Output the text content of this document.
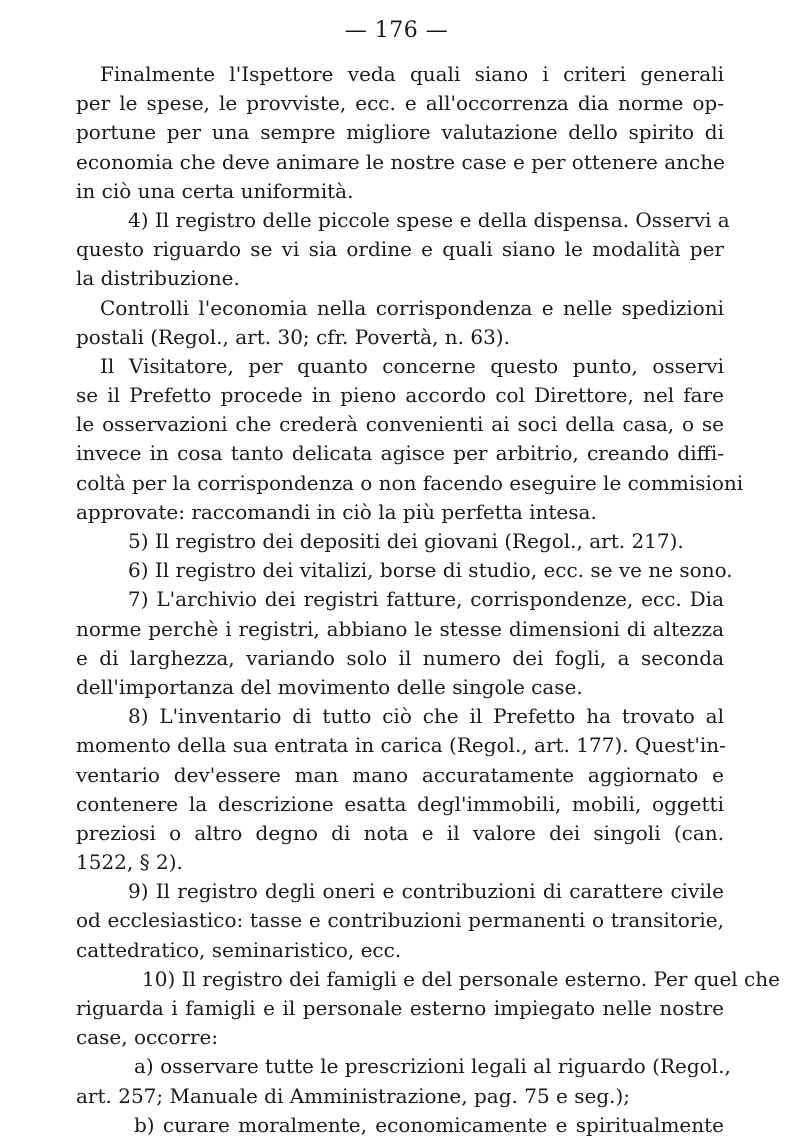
— 176 —
Finalmente l'Ispettore veda quali siano i criteri generali
per le spese, le provviste, ecc. e all'occorrenza dia norme op-
portune per una sempre migliore valutazione dello spirito di
economia che deve animare le nostre case e per ottenere anche
in ciò una certa uniformità.
4) Il registro delle piccole spese e della dispensa. Osservi a
questo riguardo se vi sia ordine e quali siano le modalità per
la distribuzione.
Controlli l'economia nella corrispondenza e nelle spedizioni
postali (Regol., art. 30; cfr. Povertà, n. 63).
Il Visitatore, per quanto concerne questo punto, osservi
se il Prefetto procede in pieno accordo col Direttore, nel fare
le osservazioni che crederà convenienti ai soci della casa, o se
invece in cosa tanto delicata agisce per arbitrio, creando diffi-
coltà per la corrispondenza o non facendo eseguire le commisioni
approvate: raccomandi in ciò la più perfetta intesa.
5) Il registro dei depositi dei giovani (Regol., art. 217).
6) Il registro dei vitalizi, borse di studio, ecc. se ve ne sono.
7) L'archivio dei registri fatture, corrispondenze, ecc. Dia
norme perchè i registri, abbiano le stesse dimensioni di altezza
e di larghezza, variando solo il numero dei fogli, a seconda
dell'importanza del movimento delle singole case.
8) L'inventario di tutto ciò che il Prefetto ha trovato al
momento della sua entrata in carica (Regol., art. 177). Quest'in-
ventario dev'essere man mano accuratamente aggiornato e
contenere la descrizione esatta degl'immobili, mobili, oggetti
preziosi o altro degno di nota e il valore dei singoli (can.
1522, § 2).
9) Il registro degli oneri e contribuzioni di carattere civile
od ecclesiastico: tasse e contribuzioni permanenti o transitorie,
cattedratico, seminaristico, ecc.
10) Il registro dei famigli e del personale esterno. Per quel che
riguarda i famigli e il personale esterno impiegato nelle nostre
case, occorre:
a) osservare tutte le prescrizioni legali al riguardo (Regol.,
art. 257; Manuale di Amministrazione, pag. 75 e seg.);
b) curare moralmente, economicamente e spiritualmente
